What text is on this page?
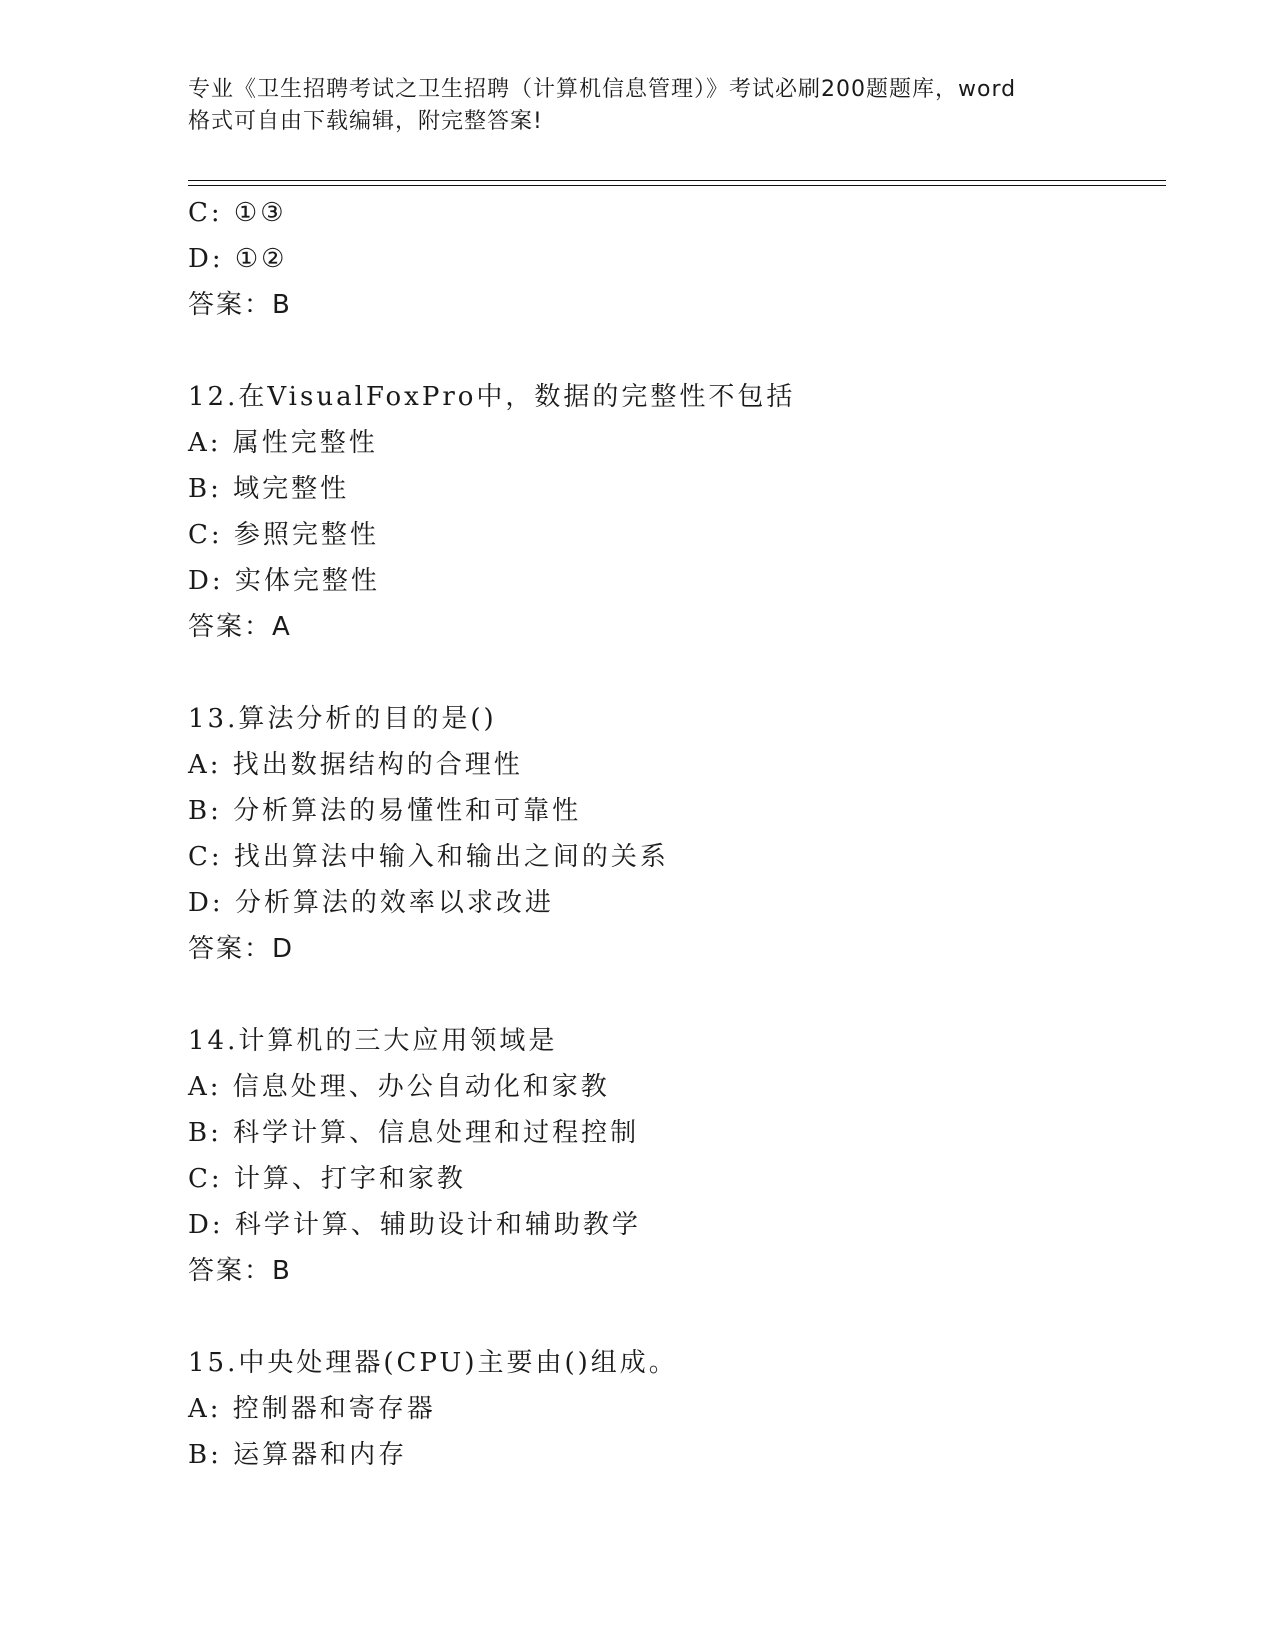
专业《卫生招聘考试之卫生招聘（计算机信息管理）》考试必刷200题题库，word
格式可自由下载编辑，附完整答案!
C: ①③
D: ①②
答案：B
12.在VisualFoxPro中，数据的完整性不包括
A: 属性完整性
B: 域完整性
C: 参照完整性
D: 实体完整性
答案：A
13.算法分析的目的是()
A: 找出数据结构的合理性
B: 分析算法的易懂性和可靠性
C: 找出算法中输入和输出之间的关系
D: 分析算法的效率以求改进
答案：D
14.计算机的三大应用领域是
A: 信息处理、办公自动化和家教
B: 科学计算、信息处理和过程控制
C: 计算、打字和家教
D: 科学计算、辅助设计和辅助教学
答案：B
15.中央处理器(CPU)主要由()组成。
A: 控制器和寄存器
B: 运算器和内存
